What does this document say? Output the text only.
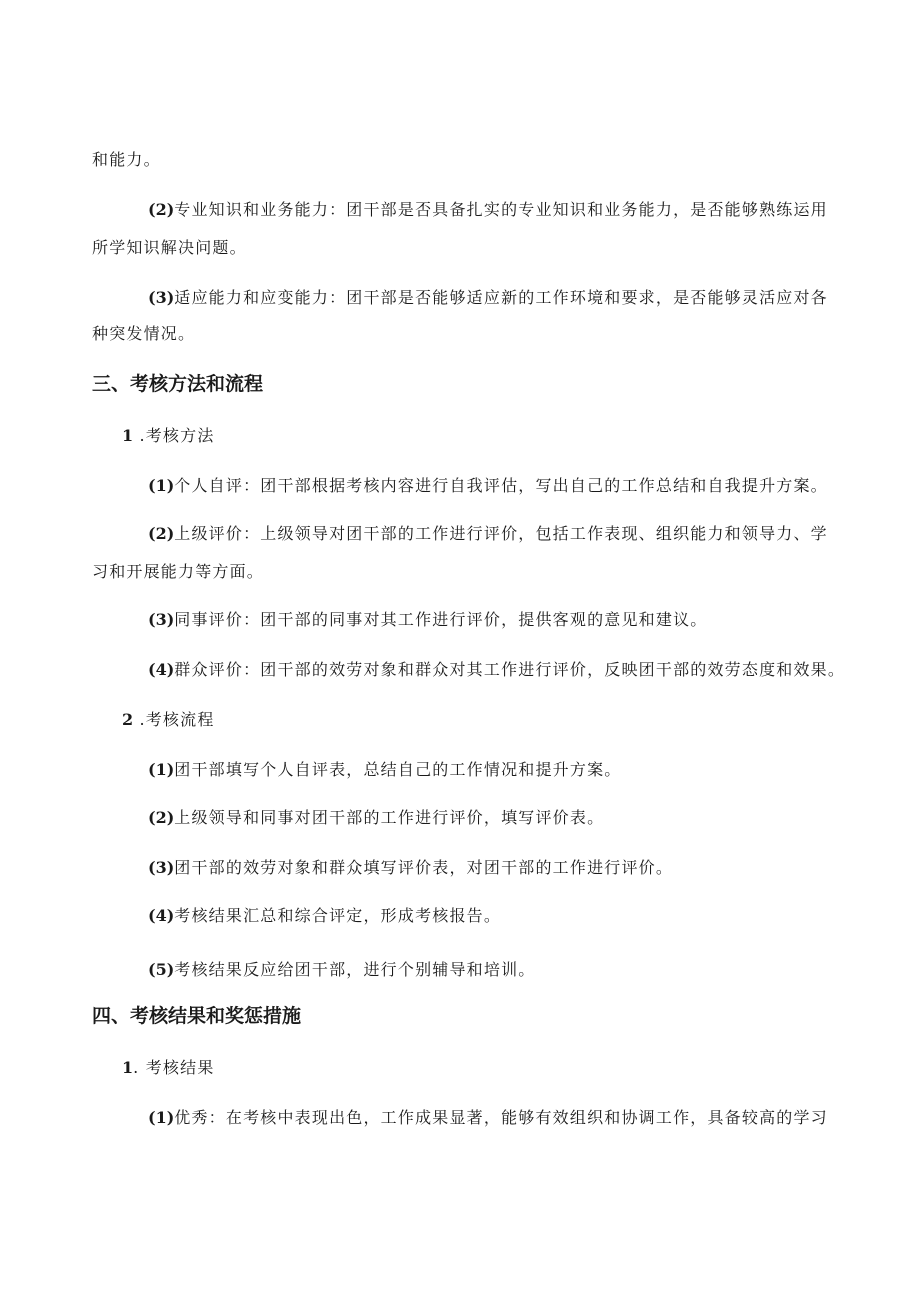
和能力。
(2)专业知识和业务能力：团干部是否具备扎实的专业知识和业务能力，是否能够熟练运用
所学知识解决问题。
(3)适应能力和应变能力：团干部是否能够适应新的工作环境和要求，是否能够灵活应对各
种突发情况。
三、考核方法和流程
1 .考核方法
(1)个人自评：团干部根据考核内容进行自我评估，写出自己的工作总结和自我提升方案。
(2)上级评价：上级领导对团干部的工作进行评价，包括工作表现、组织能力和领导力、学
习和开展能力等方面。
(3)同事评价：团干部的同事对其工作进行评价，提供客观的意见和建议。
(4)群众评价：团干部的效劳对象和群众对其工作进行评价，反映团干部的效劳态度和效果。
2 .考核流程
(1)团干部填写个人自评表，总结自己的工作情况和提升方案。
(2)上级领导和同事对团干部的工作进行评价，填写评价表。
(3)团干部的效劳对象和群众填写评价表，对团干部的工作进行评价。
(4)考核结果汇总和综合评定，形成考核报告。
(5)考核结果反应给团干部，进行个别辅导和培训。
四、考核结果和奖惩措施
1. 考核结果
(1)优秀：在考核中表现出色，工作成果显著，能够有效组织和协调工作，具备较高的学习
